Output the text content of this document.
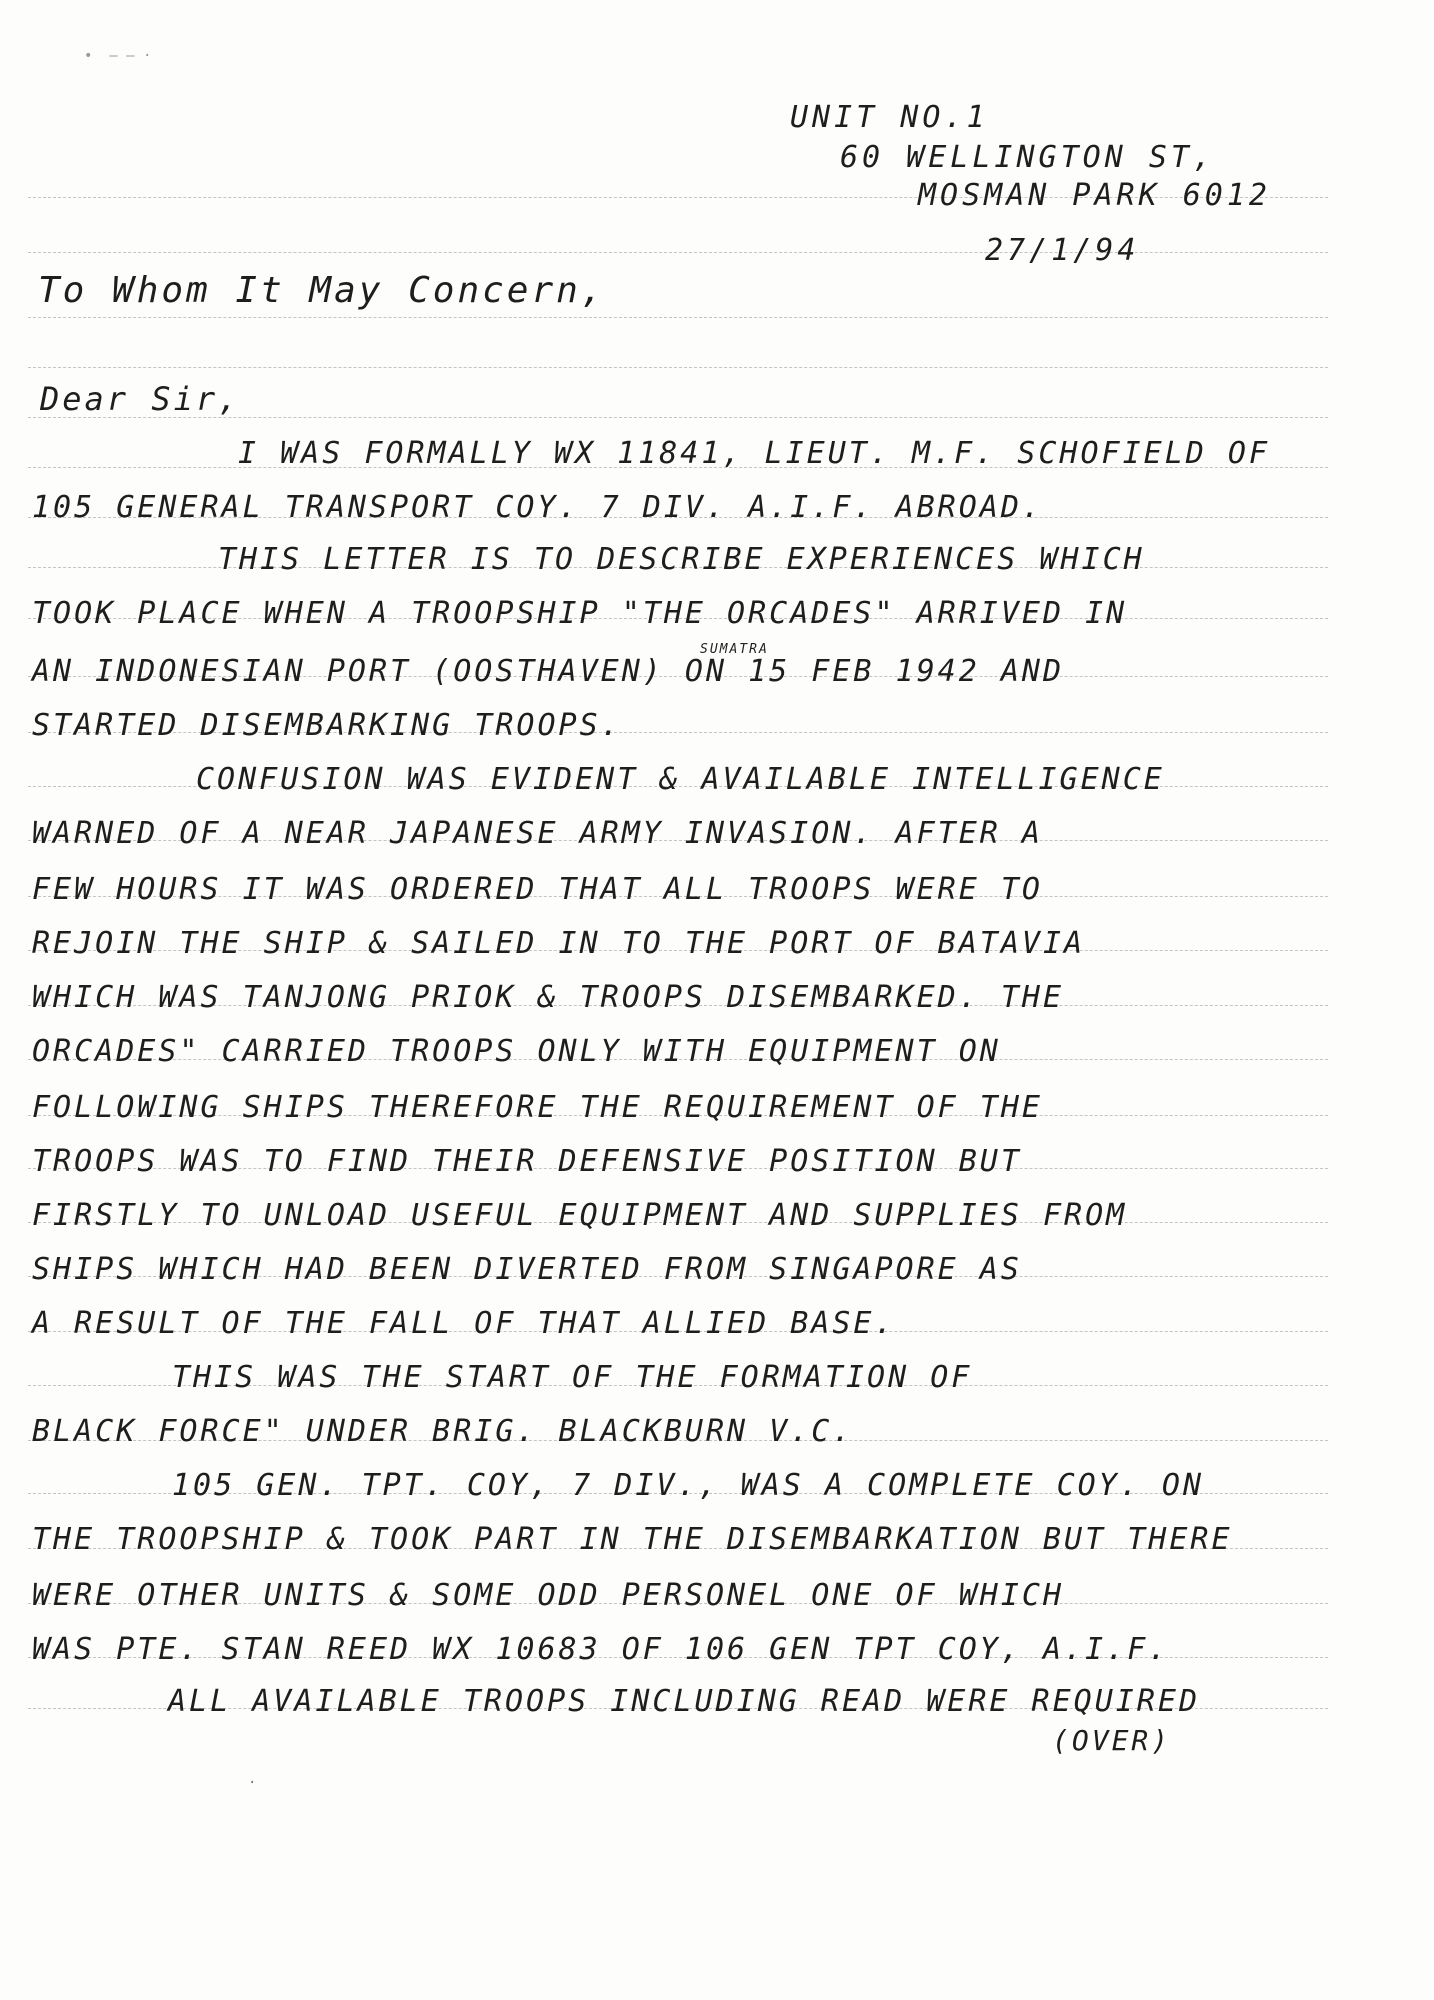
•  – – ·
UNIT NO.1
60 WELLINGTON ST,
MOSMAN PARK 6012
27/1/94
To Whom It May Concern,
Dear Sir,
I WAS FORMALLY WX 11841, LIEUT. M.F. SCHOFIELD OF
105 GENERAL TRANSPORT COY. 7 DIV. A.I.F. ABROAD.
THIS LETTER IS TO DESCRIBE EXPERIENCES WHICH
TOOK PLACE WHEN A TROOPSHIP "THE ORCADES" ARRIVED IN
SUMATRA
AN INDONESIAN PORT (OOSTHAVEN) ON 15 FEB 1942 AND
STARTED DISEMBARKING TROOPS.
CONFUSION WAS EVIDENT & AVAILABLE INTELLIGENCE
WARNED OF A NEAR JAPANESE ARMY INVASION. AFTER A
FEW HOURS IT WAS ORDERED THAT ALL TROOPS WERE TO
REJOIN THE SHIP & SAILED IN TO THE PORT OF BATAVIA
WHICH WAS TANJONG PRIOK & TROOPS DISEMBARKED. THE
ORCADES" CARRIED TROOPS ONLY WITH EQUIPMENT ON
FOLLOWING SHIPS THEREFORE THE REQUIREMENT OF THE
TROOPS WAS TO FIND THEIR DEFENSIVE POSITION BUT
FIRSTLY TO UNLOAD USEFUL EQUIPMENT AND SUPPLIES FROM
SHIPS WHICH HAD BEEN DIVERTED FROM SINGAPORE AS
A RESULT OF THE FALL OF THAT ALLIED BASE.
THIS WAS THE START OF THE FORMATION OF
BLACK FORCE" UNDER BRIG. BLACKBURN V.C.
105 GEN. TPT. COY, 7 DIV., WAS A COMPLETE COY. ON
THE TROOPSHIP & TOOK PART IN THE DISEMBARKATION BUT THERE
WERE OTHER UNITS & SOME ODD PERSONEL ONE OF WHICH
WAS PTE. STAN REED WX 10683 OF 106 GEN TPT COY, A.I.F.
ALL AVAILABLE TROOPS INCLUDING READ WERE REQUIRED
(OVER)
·
